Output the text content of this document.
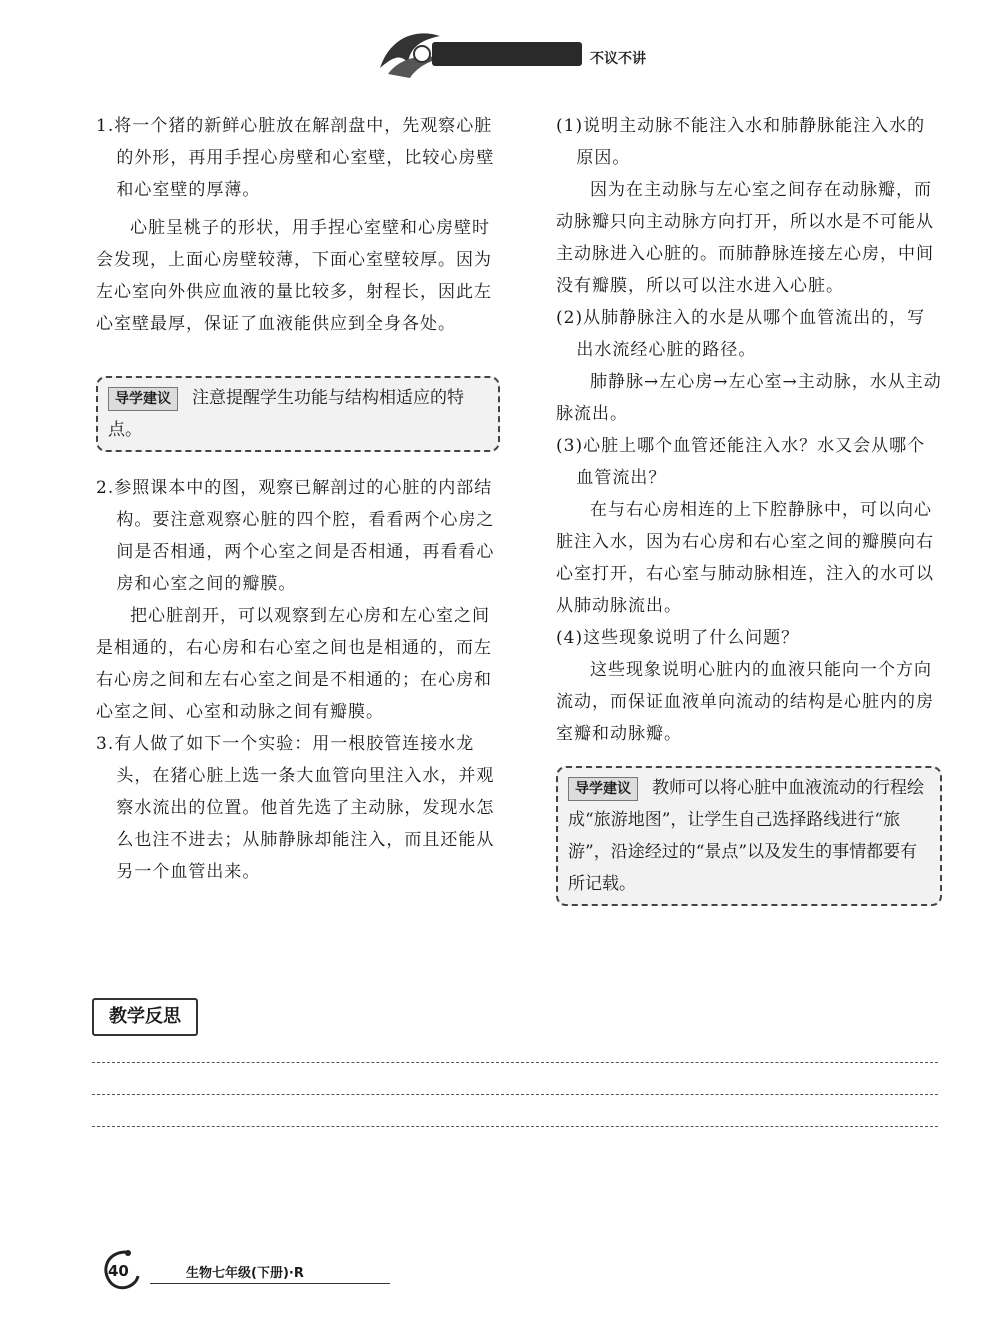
不议不讲

1.将一个猪的新鲜心脏放在解剖盘中，先观察心脏的外形，再用手捏心房壁和心室壁，比较心房壁和心室壁的厚薄。

心脏呈桃子的形状，用手捏心室壁和心房壁时会发现，上面心房壁较薄，下面心室壁较厚。因为左心室向外供应血液的量比较多，射程长，因此左心室壁最厚，保证了血液能供应到全身各处。

导学建议 注意提醒学生功能与结构相适应的特点。

2.参照课本中的图，观察已解剖过的心脏的内部结构。要注意观察心脏的四个腔，看看两个心房之间是否相通，两个心室之间是否相通，再看看心房和心室之间的瓣膜。

把心脏剖开，可以观察到左心房和左心室之间是相通的，右心房和右心室之间也是相通的，而左右心房之间和左右心室之间是不相通的；在心房和心室之间、心室和动脉之间有瓣膜。

3.有人做了如下一个实验：用一根胶管连接水龙头，在猪心脏上选一条大血管向里注入水，并观察水流出的位置。他首先选了主动脉，发现水怎么也注不进去；从肺静脉却能注入，而且还能从另一个血管出来。

(1)说明主动脉不能注入水和肺静脉能注入水的原因。

因为在主动脉与左心室之间存在动脉瓣，而动脉瓣只向主动脉方向打开，所以水是不可能从主动脉进入心脏的。而肺静脉连接左心房，中间没有瓣膜，所以可以注水进入心脏。

(2)从肺静脉注入的水是从哪个血管流出的，写出水流经心脏的路径。

肺静脉→左心房→左心室→主动脉，水从主动脉流出。

(3)心脏上哪个血管还能注入水？水又会从哪个血管流出？

在与右心房相连的上下腔静脉中，可以向心脏注入水，因为右心房和右心室之间的瓣膜向右心室打开，右心室与肺动脉相连，注入的水可以从肺动脉流出。

(4)这些现象说明了什么问题？

这些现象说明心脏内的血液只能向一个方向流动，而保证血液单向流动的结构是心脏内的房室瓣和动脉瓣。

导学建议 教师可以将心脏中血液流动的行程绘成“旅游地图”，让学生自己选择路线进行“旅游”，沿途经过的“景点”以及发生的事情都要有所记载。
教学反思
40	生物七年级(下册)·R
